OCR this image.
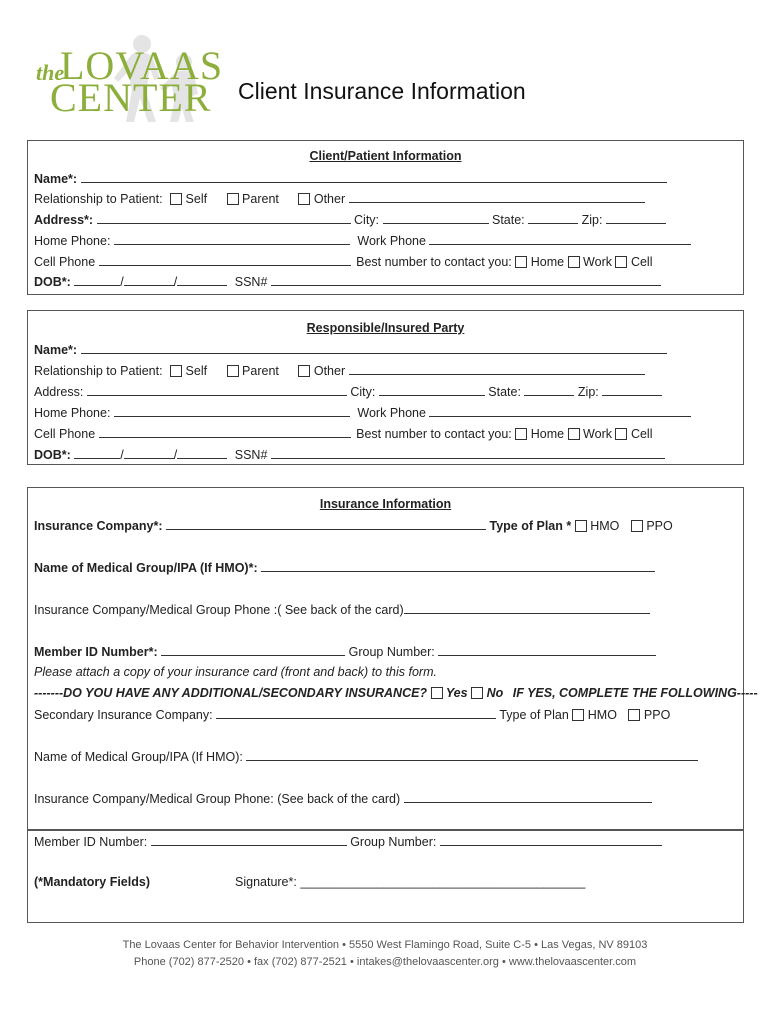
the
LOVAAS
CENTER Client Insurance Information
Client/Patient Information
Name*:
Relationship to Patient: Self	Parent	Other
Address*:	City:	State:	Zip:
Home Phone:	Work Phone
Cell Phone	Best number to contact you: Home Work Cell
DOB*:	/	/	SSN#
Responsible/Insured Party
Name*:
Relationship to Patient: Self	Parent	Other
Address:	City:	State:	Zip:
Home Phone:	Work Phone
Cell Phone	Best number to contact you: Home Work Cell
DOB*:	/	/	SSN#
Insurance Information
Insurance Company*:	Type of Plan * HMO PPO
Name of Medical Group/IPA (If HMO)*:
Insurance Company/Medical Group Phone :( See back of the card)
Member ID Number*:	Group Number:
Please attach a copy of your insurance card (front and back) to this form.
-------DO YOU HAVE ANY ADDITIONAL/SECONDARY INSURANCE? Yes No IF YES, COMPLETE THE FOLLOWING-----
Secondary Insurance Company:	Type of Plan HMO PPO
Name of Medical Group/IPA (If HMO):
Insurance Company/Medical Group Phone: (See back of the card)
Member ID Number:	Group Number:
(*Mandatory Fields)	Signature*: _________________________________________
The Lovaas Center for Behavior Intervention • 5550 West Flamingo Road, Suite C-5 • Las Vegas, NV 89103
Phone (702) 877-2520 • fax (702) 877-2521 • intakes@thelovaascenter.org • www.thelovaascenter.com
